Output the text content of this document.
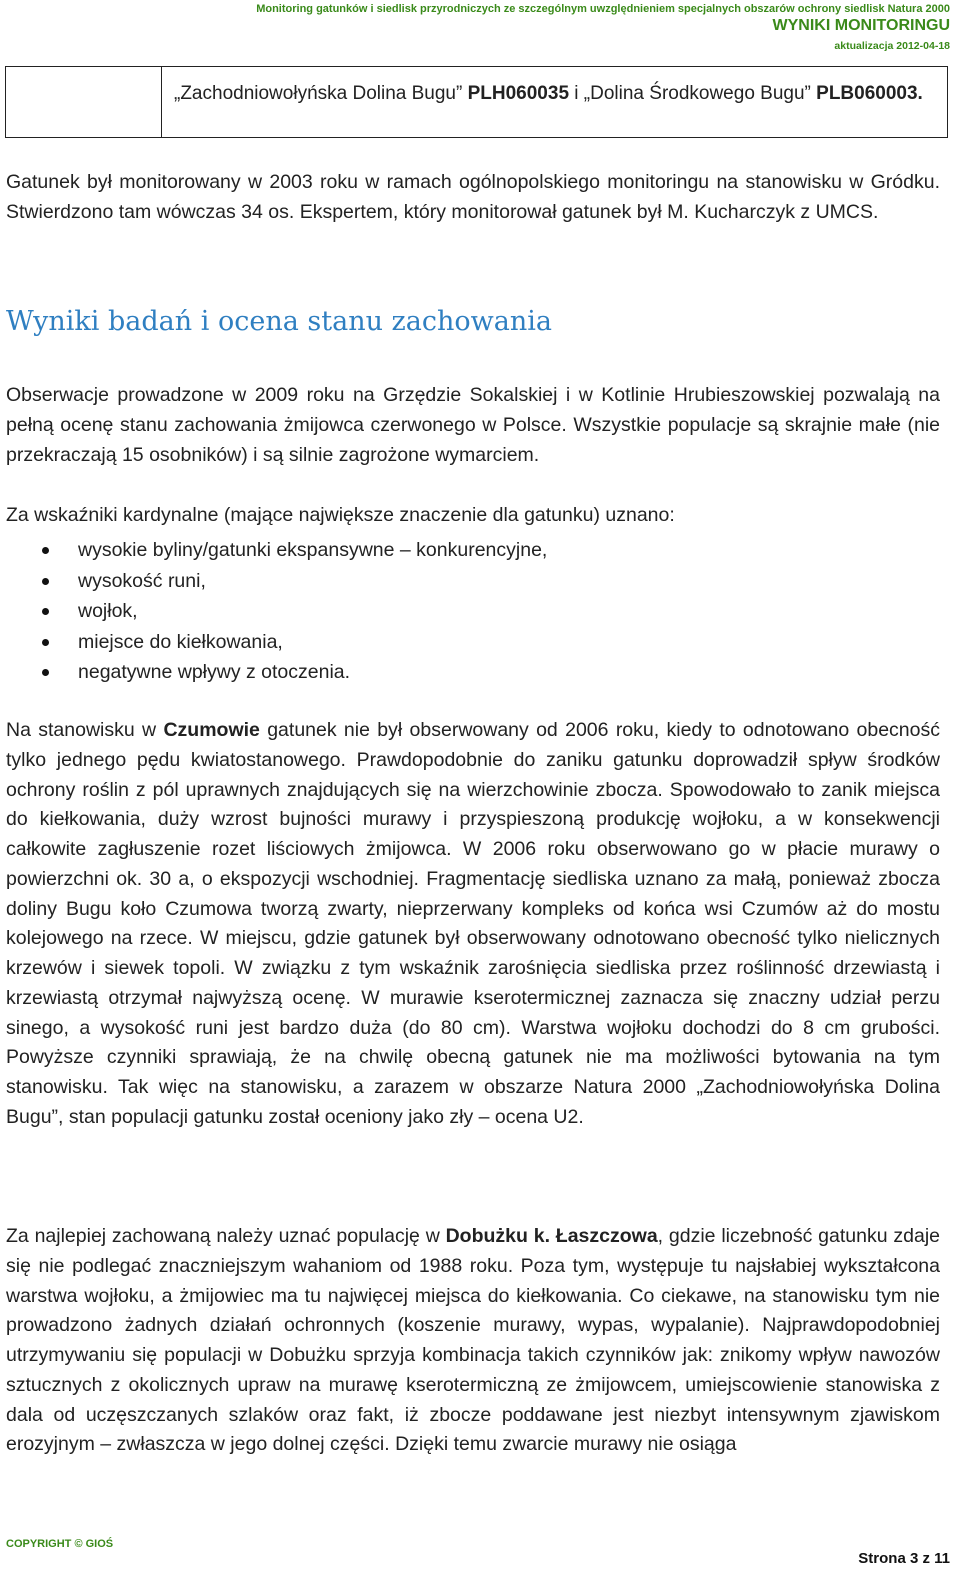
Monitoring gatunków i siedlisk przyrodniczych ze szczególnym uwzględnieniem specjalnych obszarów ochrony siedlisk Natura 2000
WYNIKI MONITORINGU
aktualizacja 2012-04-18
„Zachodniowołyńska Dolina Bugu” PLH060035 i „Dolina Środkowego Bugu” PLB060003.

Gatunek był monitorowany w 2003 roku w ramach ogólnopolskiego monitoringu na stanowisku w Gródku. Stwierdzono tam wówczas 34 os. Ekspertem, który monitorował gatunek był M. Kucharczyk z UMCS.

Wyniki badań i ocena stanu zachowania

Obserwacje prowadzone w 2009 roku na Grzędzie Sokalskiej i w Kotlinie Hrubieszowskiej pozwalają na pełną ocenę stanu zachowania żmijowca czerwonego w Polsce. Wszystkie populacje są skrajnie małe (nie przekraczają 15 osobników) i są silnie zagrożone wymarciem.

Za wskaźniki kardynalne (mające największe znaczenie dla gatunku) uznano:

wysokie byliny/gatunki ekspansywne – konkurencyjne,
wysokość runi,
wojłok,
miejsce do kiełkowania,
negatywne wpływy z otoczenia.

Na stanowisku w Czumowie gatunek nie był obserwowany od 2006 roku, kiedy to odnotowano obecność tylko jednego pędu kwiatostanowego. Prawdopodobnie do zaniku gatunku doprowadził spływ środków ochrony roślin z pól uprawnych znajdujących się na wierzchowinie zbocza. Spowodowało to zanik miejsca do kiełkowania, duży wzrost bujności murawy i przyspieszoną produkcję wojłoku, a w konsekwencji całkowite zagłuszenie rozet liściowych żmijowca. W 2006 roku obserwowano go w płacie murawy o powierzchni ok. 30 a, o ekspozycji wschodniej. Fragmentację siedliska uznano za małą, ponieważ zbocza doliny Bugu koło Czumowa tworzą zwarty, nieprzerwany kompleks od końca wsi Czumów aż do mostu kolejowego na rzece. W miejscu, gdzie gatunek był obserwowany odnotowano obecność tylko nielicznych krzewów i siewek topoli. W związku z tym wskaźnik zarośnięcia siedliska przez roślinność drzewiastą i krzewiastą otrzymał najwyższą ocenę. W murawie kserotermicznej zaznacza się znaczny udział perzu sinego, a wysokość runi jest bardzo duża (do 80 cm). Warstwa wojłoku dochodzi do 8 cm grubości. Powyższe czynniki sprawiają, że na chwilę obecną gatunek nie ma możliwości bytowania na tym stanowisku. Tak więc na stanowisku, a zarazem w obszarze Natura 2000 „Zachodniowołyńska Dolina Bugu”, stan populacji gatunku został oceniony jako zły – ocena U2.

Za najlepiej zachowaną należy uznać populację w Dobużku k. Łaszczowa, gdzie liczebność gatunku zdaje się nie podlegać znaczniejszym wahaniom od 1988 roku. Poza tym, występuje tu najsłabiej wykształcona warstwa wojłoku, a żmijowiec ma tu najwięcej miejsca do kiełkowania. Co ciekawe, na stanowisku tym nie prowadzono żadnych działań ochronnych (koszenie murawy, wypas, wypalanie). Najprawdopodobniej utrzymywaniu się populacji w Dobużku sprzyja kombinacja takich czynników jak: znikomy wpływ nawozów sztucznych z okolicznych upraw na murawę kserotermiczną ze żmijowcem, umiejscowienie stanowiska z dala od uczęszczanych szlaków oraz fakt, iż zbocze poddawane jest niezbyt intensywnym zjawiskom erozyjnym – zwłaszcza w jego dolnej części. Dzięki temu zwarcie murawy nie osiąga

COPYRIGHT © GIOŚ
Strona 3 z 11
